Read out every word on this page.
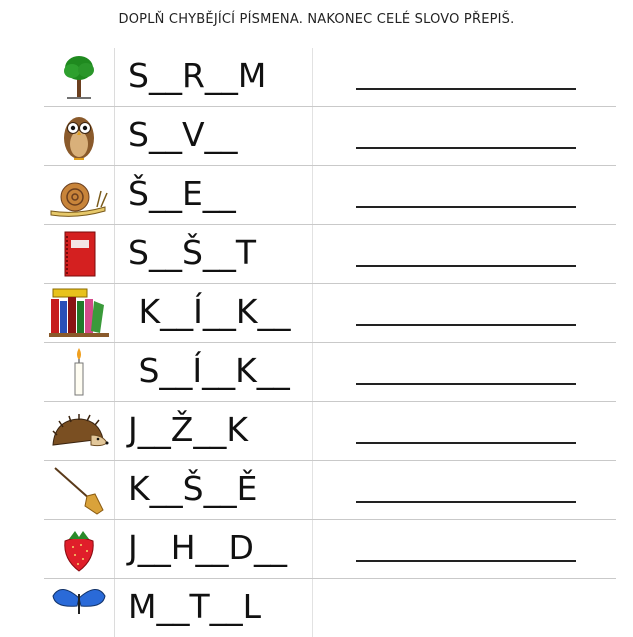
DOPLŇ CHYBĚJÍCÍ PÍSMENA. NAKONEC CELÉ SLOVO PŘEPIŠ.
S__R__M
S__V__
Š__E__
S__Š__T
K__Í__K__
S__Í__K__
J__Ž__K
K__Š__Ě
J__H__D__
M__T__L
